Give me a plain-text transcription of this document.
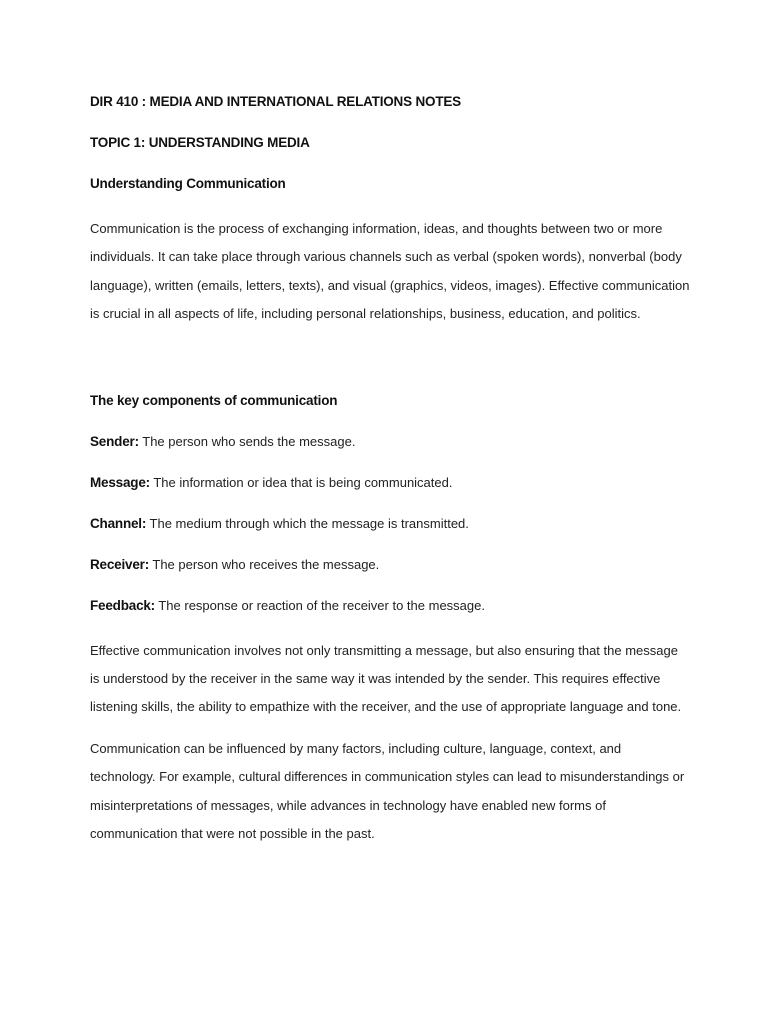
DIR 410 : MEDIA AND INTERNATIONAL RELATIONS NOTES
TOPIC 1: UNDERSTANDING MEDIA
Understanding Communication

Communication is the process of exchanging information, ideas, and thoughts between two or more individuals. It can take place through various channels such as verbal (spoken words), nonverbal (body language), written (emails, letters, texts), and visual (graphics, videos, images). Effective communication is crucial in all aspects of life, including personal relationships, business, education, and politics.

The key components of communication
Sender: The person who sends the message.
Message: The information or idea that is being communicated.
Channel: The medium through which the message is transmitted.
Receiver: The person who receives the message.
Feedback: The response or reaction of the receiver to the message.

Effective communication involves not only transmitting a message, but also ensuring that the message is understood by the receiver in the same way it was intended by the sender. This requires effective listening skills, the ability to empathize with the receiver, and the use of appropriate language and tone.

Communication can be influenced by many factors, including culture, language, context, and technology. For example, cultural differences in communication styles can lead to misunderstandings or misinterpretations of messages, while advances in technology have enabled new forms of communication that were not possible in the past.
